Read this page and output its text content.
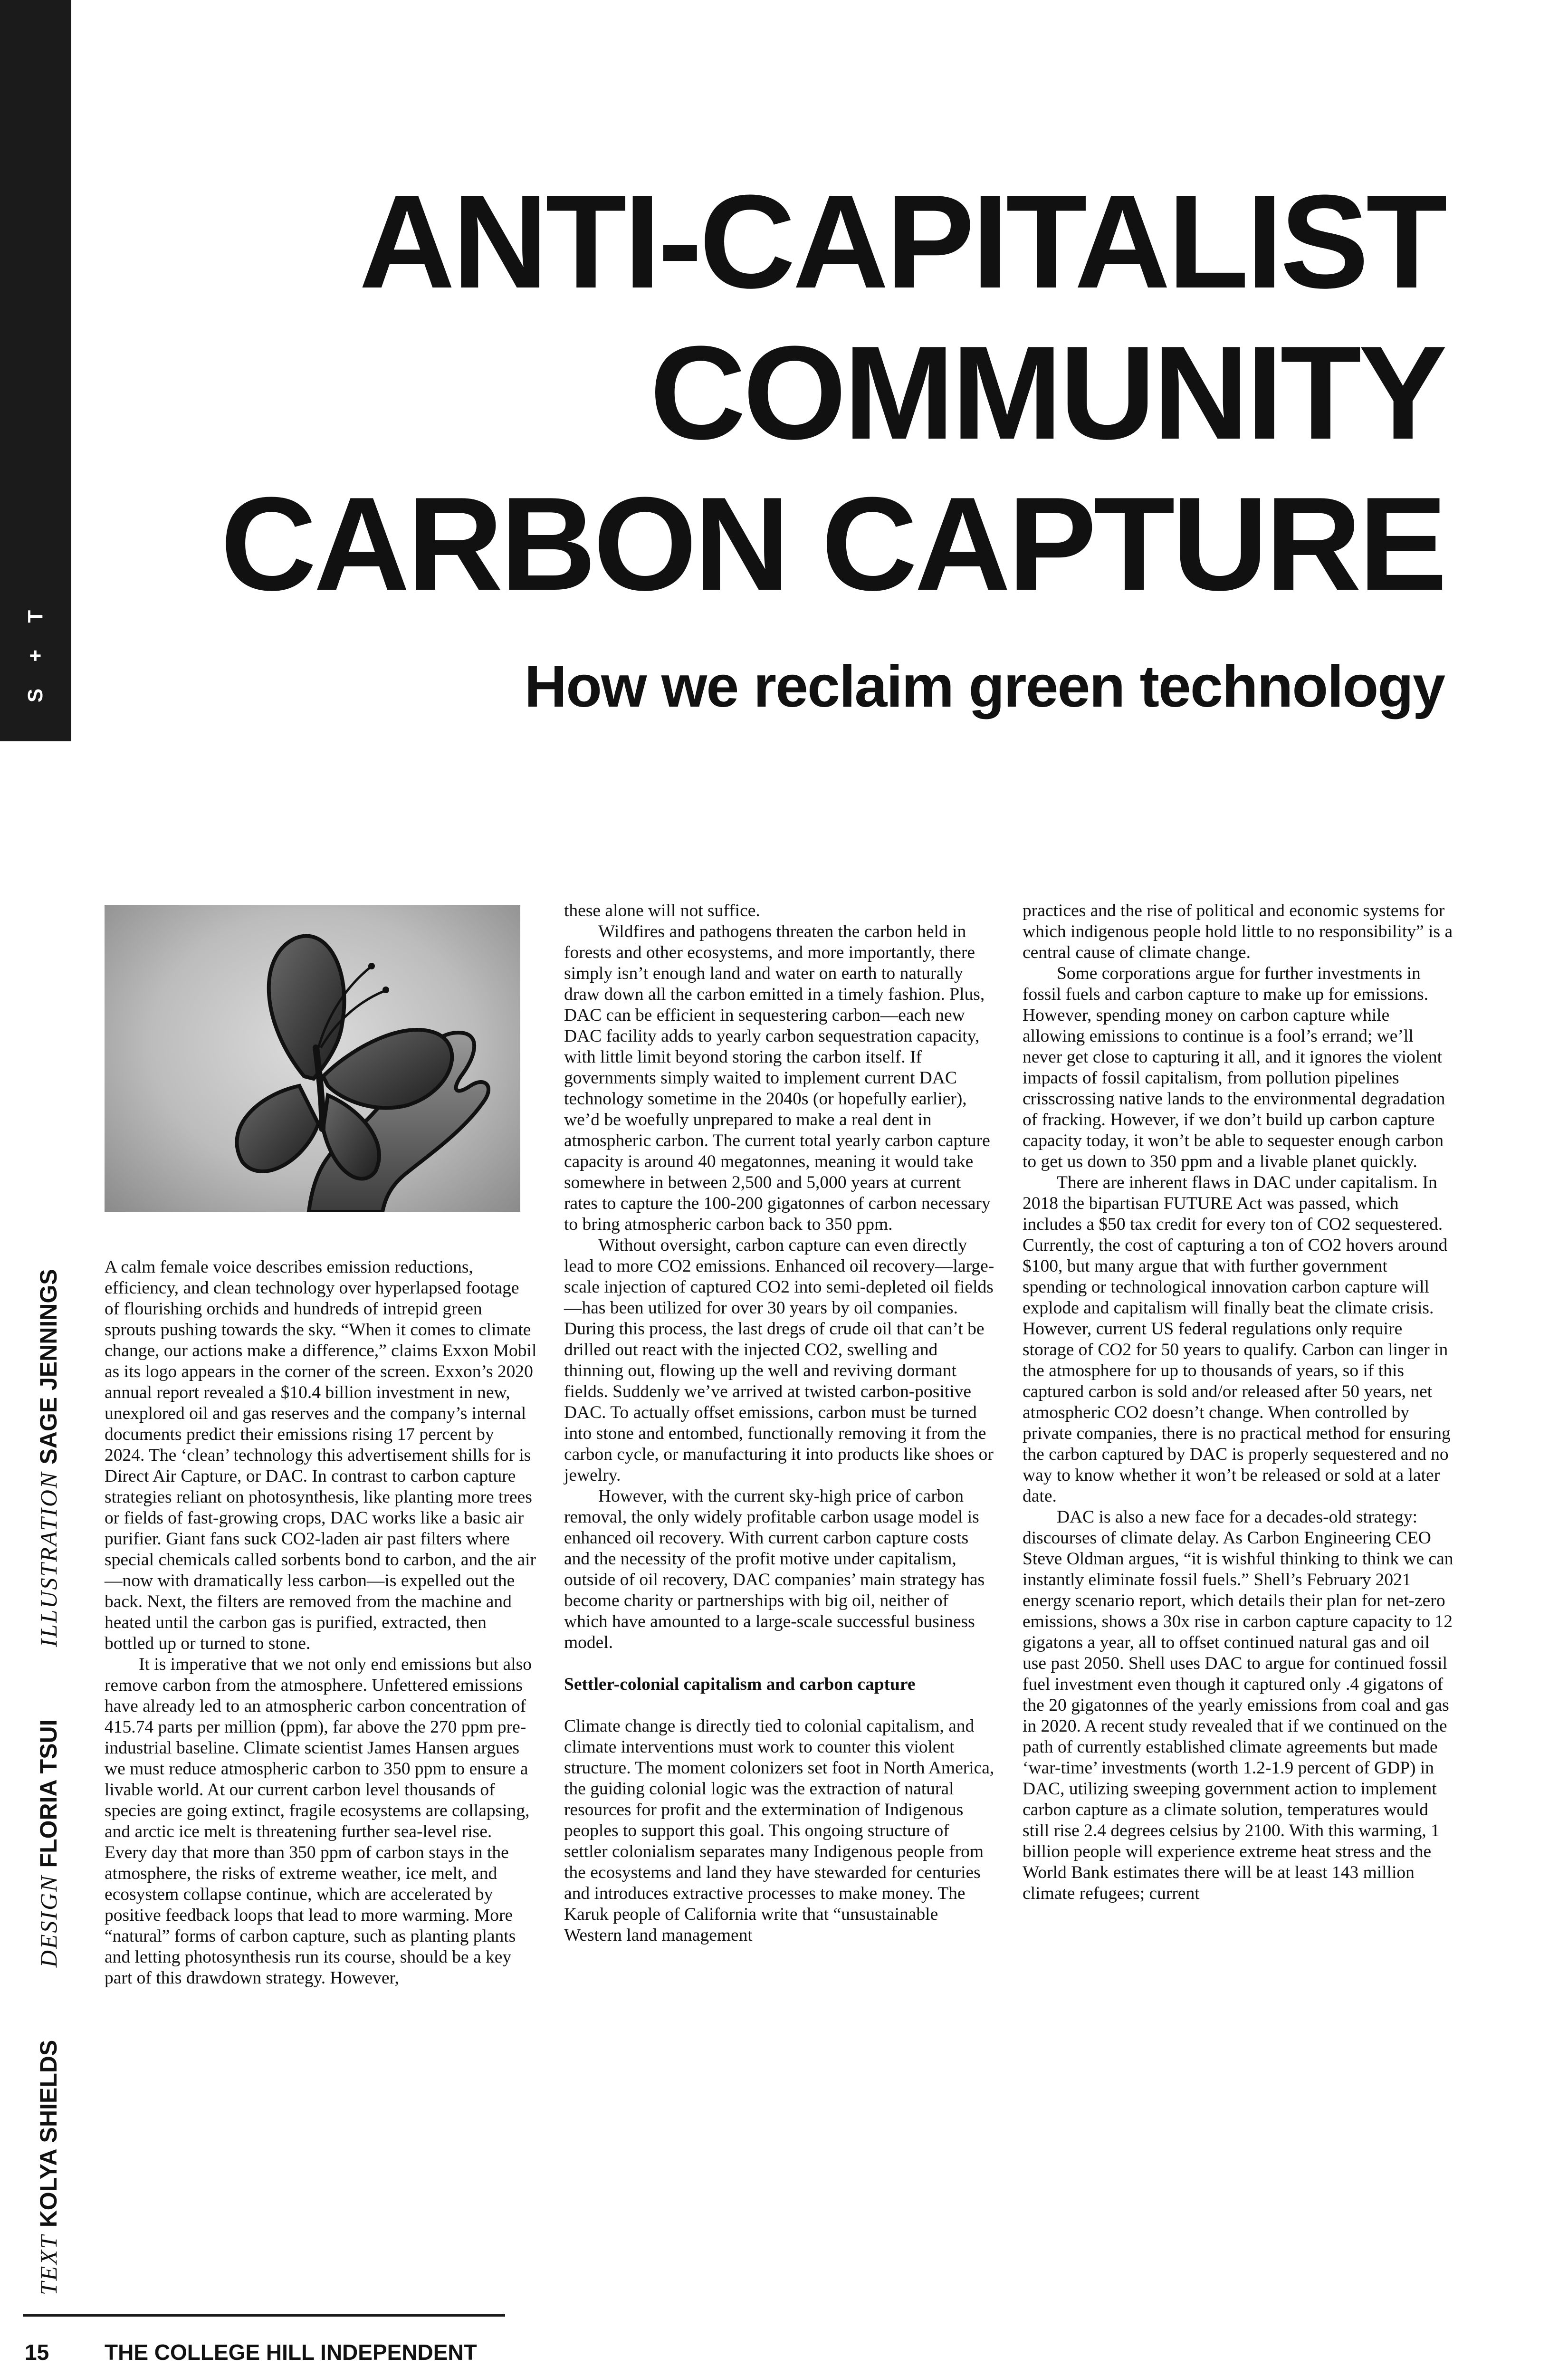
S + T
TEXTKOLYA SHIELDS DESIGNFLORIA TSUI ILLUSTRATIONSAGE JENNINGS
ANTI-CAPITALIST
COMMUNITY
CARBON CAPTURE
How we reclaim green technology

A calm female voice describes emission reductions, efficiency, and clean technology over hyperlapsed footage of flourishing orchids and hundreds of intrepid green sprouts pushing towards the sky. “When it comes to climate change, our actions make a difference,” claims Exxon Mobil as its logo appears in the corner of the screen. Exxon’s 2020 annual report revealed a $10.4 billion investment in new, unexplored oil and gas reserves and the company’s internal documents predict their emissions rising 17 percent by 2024. The ‘clean’ technology this advertisement shills for is Direct Air Capture, or DAC. In contrast to carbon capture strategies reliant on photosynthesis, like planting more trees or fields of fast-growing crops, DAC works like a basic air purifier. Giant fans suck CO2-laden air past filters where special chemicals called sorbents bond to carbon, and the air—now with dramatically less carbon—is expelled out the back. Next, the filters are removed from the machine and heated until the carbon gas is purified, extracted, then bottled up or turned to stone.

It is imperative that we not only end emissions but also remove carbon from the atmosphere. Unfettered emissions have already led to an atmospheric carbon concentration of 415.74 parts per million (ppm), far above the 270 ppm pre-industrial baseline. Climate scientist James Hansen argues we must reduce atmospheric carbon to 350 ppm to ensure a livable world. At our current carbon level thousands of species are going extinct, fragile ecosystems are collapsing, and arctic ice melt is threatening further sea-level rise. Every day that more than 350 ppm of carbon stays in the atmosphere, the risks of extreme weather, ice melt, and ecosystem collapse continue, which are accelerated by positive feedback loops that lead to more warming. More “natural” forms of carbon capture, such as planting plants and letting photosynthesis run its course, should be a key part of this drawdown strategy. However,

these alone will not suffice.

Wildfires and pathogens threaten the carbon held in forests and other ecosystems, and more importantly, there simply isn’t enough land and water on earth to naturally draw down all the carbon emitted in a timely fashion. Plus, DAC can be efficient in sequestering carbon—each new DAC facility adds to yearly carbon sequestration capacity, with little limit beyond storing the carbon itself. If governments simply waited to implement current DAC technology sometime in the 2040s (or hopefully earlier), we’d be woefully unprepared to make a real dent in atmospheric carbon. The current total yearly carbon capture capacity is around 40 megatonnes, meaning it would take somewhere in between 2,500 and 5,000 years at current rates to capture the 100-200 gigatonnes of carbon necessary to bring atmospheric carbon back to 350 ppm.

Without oversight, carbon capture can even directly lead to more CO2 emissions. Enhanced oil recovery—large-scale injection of captured CO2 into semi-depleted oil fields—has been utilized for over 30 years by oil companies. During this process, the last dregs of crude oil that can’t be drilled out react with the injected CO2, swelling and thinning out, flowing up the well and reviving dormant fields. Suddenly we’ve arrived at twisted carbon-positive DAC. To actually offset emissions, carbon must be turned into stone and entombed, functionally removing it from the carbon cycle, or manufacturing it into products like shoes or jewelry.

However, with the current sky-high price of carbon removal, the only widely profitable carbon usage model is enhanced oil recovery. With current carbon capture costs and the necessity of the profit motive under capitalism, outside of oil recovery, DAC companies’ main strategy has become charity or partnerships with big oil, neither of which have amounted to a large-scale successful business model.

Settler-colonial capitalism and carbon capture

Climate change is directly tied to colonial capitalism, and climate interventions must work to counter this violent structure. The moment colonizers set foot in North America, the guiding colonial logic was the extraction of natural resources for profit and the extermination of Indigenous peoples to support this goal. This ongoing structure of settler colonialism separates many Indigenous people from the ecosystems and land they have stewarded for centuries and introduces extractive processes to make money. The Karuk people of California write that “unsustainable Western land management

practices and the rise of political and economic systems for which indigenous people hold little to no responsibility” is a central cause of climate change.

Some corporations argue for further investments in fossil fuels and carbon capture to make up for emissions. However, spending money on carbon capture while allowing emissions to continue is a fool’s errand; we’ll never get close to capturing it all, and it ignores the violent impacts of fossil capitalism, from pollution pipelines crisscrossing native lands to the environmental degradation of fracking. However, if we don’t build up carbon capture capacity today, it won’t be able to sequester enough carbon to get us down to 350 ppm and a livable planet quickly.

There are inherent flaws in DAC under capitalism. In 2018 the bipartisan FUTURE Act was passed, which includes a $50 tax credit for every ton of CO2 sequestered. Currently, the cost of capturing a ton of CO2 hovers around $100, but many argue that with further government spending or technological innovation carbon capture will explode and capitalism will finally beat the climate crisis. However, current US federal regulations only require storage of CO2 for 50 years to qualify. Carbon can linger in the atmosphere for up to thousands of years, so if this captured carbon is sold and/or released after 50 years, net atmospheric CO2 doesn’t change. When controlled by private companies, there is no practical method for ensuring the carbon captured by DAC is properly sequestered and no way to know whether it won’t be released or sold at a later date.

DAC is also a new face for a decades-old strategy: discourses of climate delay. As Carbon Engineering CEO Steve Oldman argues, “it is wishful thinking to think we can instantly eliminate fossil fuels.” Shell’s February 2021 energy scenario report, which details their plan for net-zero emissions, shows a 30x rise in carbon capture capacity to 12 gigatons a year, all to offset continued natural gas and oil use past 2050. Shell uses DAC to argue for continued fossil fuel investment even though it captured only .4 gigatons of the 20 gigatonnes of the yearly emissions from coal and gas in 2020. A recent study revealed that if we continued on the path of currently established climate agreements but made ‘war-time’ investments (worth 1.2-1.9 percent of GDP) in DAC, utilizing sweeping government action to implement carbon capture as a climate solution, temperatures would still rise 2.4 degrees celsius by 2100. With this warming, 1 billion people will experience extreme heat stress and the World Bank estimates there will be at least 143 million climate refugees; current

15	THE COLLEGE HILL INDEPENDENT
